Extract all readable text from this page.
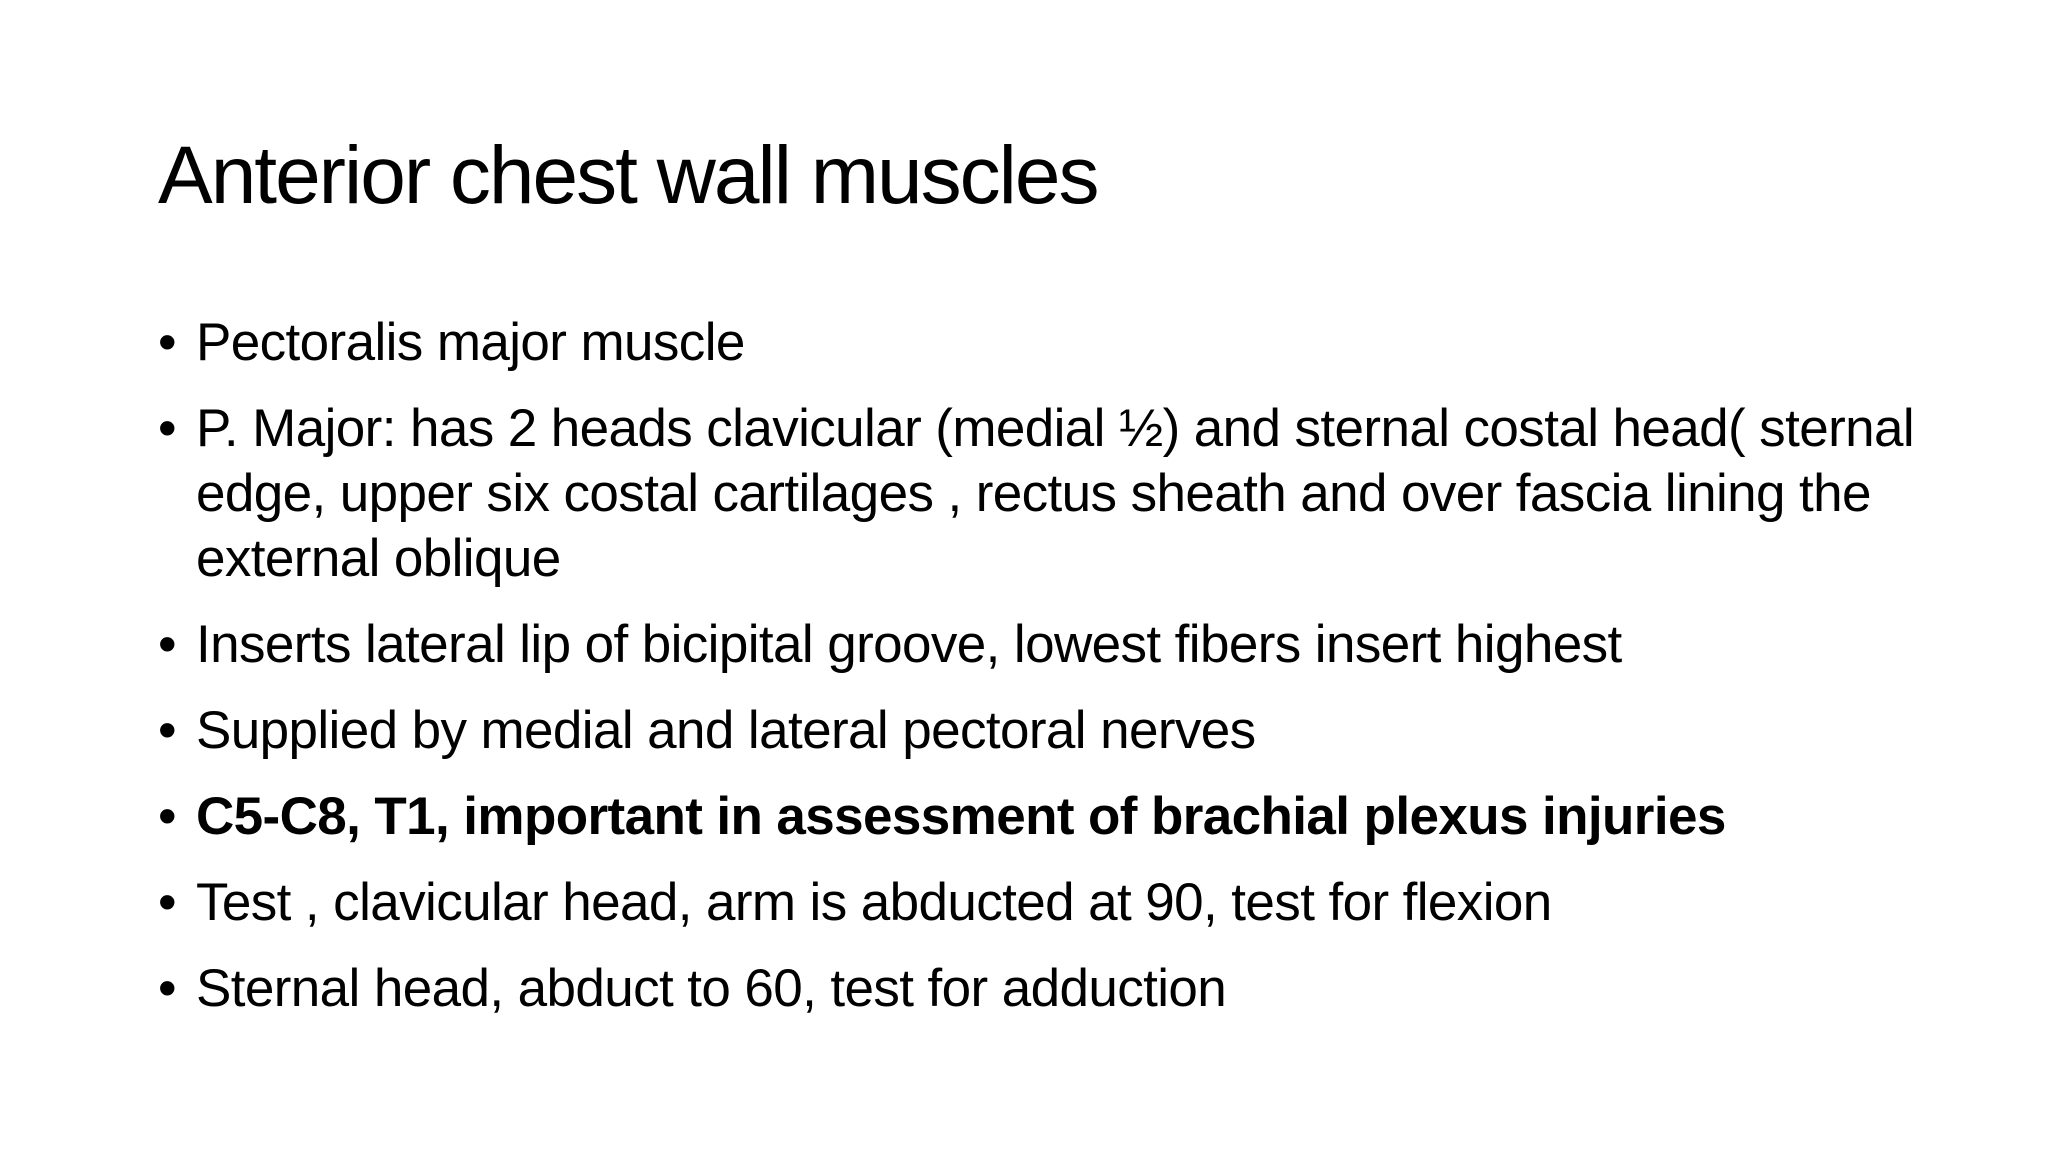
Anterior chest wall muscles
• Pectoralis major muscle
• P. Major: has 2 heads clavicular (medial ½) and sternal costal head( sternal edge, upper six costal cartilages , rectus sheath and over fascia lining the external oblique
• Inserts lateral lip of bicipital groove, lowest fibers insert highest
• Supplied by medial and lateral pectoral nerves
• C5-C8, T1, important in assessment of brachial plexus injuries
• Test , clavicular head, arm is abducted at 90, test for flexion
• Sternal head, abduct to 60, test for adduction
